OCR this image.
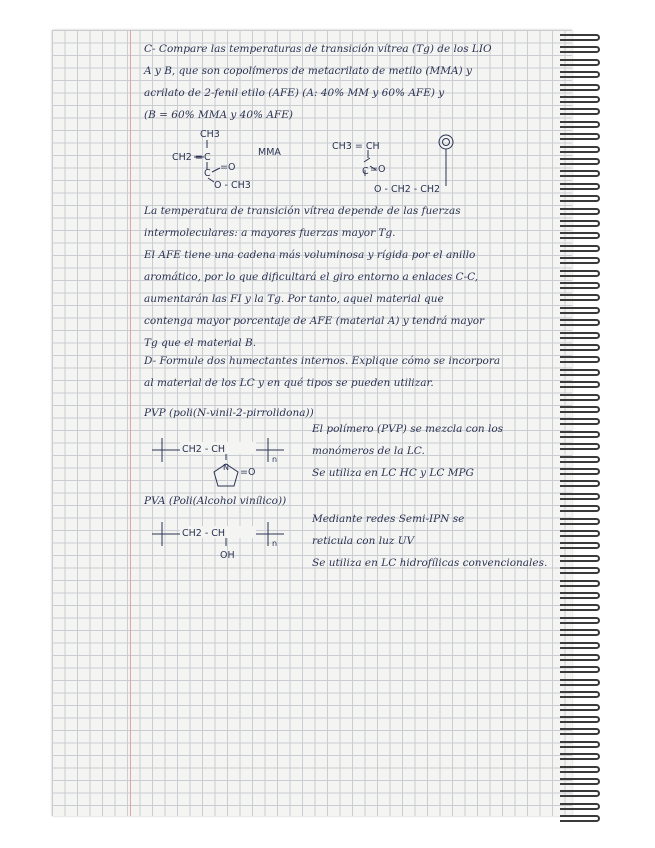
C- Compare las temperaturas de transición vítrea (Tg) de los LIO
A y B, que son copolímeros de metacrilato de metilo (MMA) y
acrilato de 2-fenil etilo (AFE) (A: 40% MM y 60% AFE) y
(B = 60% MMA y 40% AFE)
CH3
CH2 = C
C
=O
O - CH3
MMA
CH3 = CH
C =O
O - CH2 - CH2
La temperatura de transición vítrea depende de las fuerzas
intermoleculares: a mayores fuerzas mayor Tg.
El AFE tiene una cadena más voluminosa y rígida por el anillo
aromático, por lo que dificultará el giro entorno a enlaces C-C,
aumentarán las FI y la Tg. Por tanto, aquel material que
contenga mayor porcentaje de AFE (material A) y tendrá mayor
Tg que el material B.
D- Formule dos humectantes internos. Explique cómo se incorpora
al material de los LC y en qué tipos se pueden utilizar.
PVP (poli(N-vinil-2-pirrolidona))
CH2 - CH
N =O
n
El polímero (PVP) se mezcla con los
monómeros de la LC.
Se utiliza en LC HC y LC MPG
PVA (Poli(Alcohol vinílico))
CH2 - CH
OH
n
Mediante redes Semi-IPN se
reticula con luz UV
Se utiliza en LC hidrofílicas convencionales.
